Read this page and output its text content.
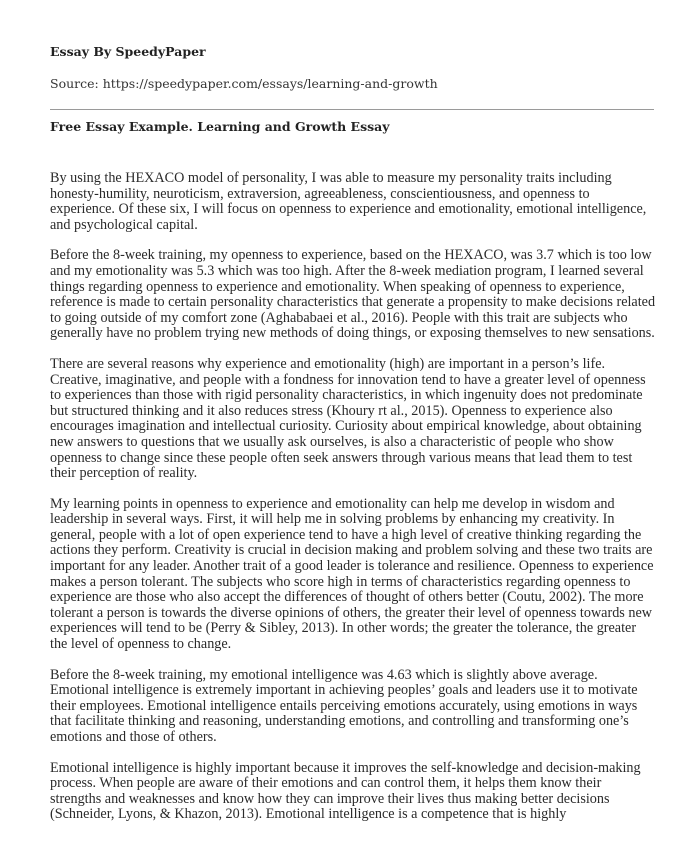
Essay By SpeedyPaper
Source: https://speedypaper.com/essays/learning-and-growth
Free Essay Example. Learning and Growth Essay

By using the HEXACO model of personality, I was able to measure my personality traits including honesty-humility, neuroticism, extraversion, agreeableness, conscientiousness, and openness to experience. Of these six, I will focus on openness to experience and emotionality, emotional intelligence, and psychological capital.

Before the 8-week training, my openness to experience, based on the HEXACO, was 3.7 which is too low and my emotionality was 5.3 which was too high. After the 8-week mediation program, I learned several things regarding openness to experience and emotionality. When speaking of openness to experience, reference is made to certain personality characteristics that generate a propensity to make decisions related to going outside of my comfort zone (Aghababaei et al., 2016). People with this trait are subjects who generally have no problem trying new methods of doing things, or exposing themselves to new sensations.

There are several reasons why experience and emotionality (high) are important in a person’s life. Creative, imaginative, and people with a fondness for innovation tend to have a greater level of openness to experiences than those with rigid personality characteristics, in which ingenuity does not predominate but structured thinking and it also reduces stress (Khoury rt al., 2015). Openness to experience also encourages imagination and intellectual curiosity. Curiosity about empirical knowledge, about obtaining new answers to questions that we usually ask ourselves, is also a characteristic of people who show openness to change since these people often seek answers through various means that lead them to test their perception of reality.

My learning points in openness to experience and emotionality can help me develop in wisdom and leadership in several ways. First, it will help me in solving problems by enhancing my creativity. In general, people with a lot of open experience tend to have a high level of creative thinking regarding the actions they perform. Creativity is crucial in decision making and problem solving and these two traits are important for any leader. Another trait of a good leader is tolerance and resilience. Openness to experience makes a person tolerant. The subjects who score high in terms of characteristics regarding openness to experience are those who also accept the differences of thought of others better (Coutu, 2002). The more tolerant a person is towards the diverse opinions of others, the greater their level of openness towards new experiences will tend to be (Perry & Sibley, 2013). In other words; the greater the tolerance, the greater the level of openness to change.

Before the 8-week training, my emotional intelligence was 4.63 which is slightly above average. Emotional intelligence is extremely important in achieving peoples’ goals and leaders use it to motivate their employees. Emotional intelligence entails perceiving emotions accurately, using emotions in ways that facilitate thinking and reasoning, understanding emotions, and controlling and transforming one’s emotions and those of others.

Emotional intelligence is highly important because it improves the self-knowledge and decision-making process. When people are aware of their emotions and can control them, it helps them know their strengths and weaknesses and know how they can improve their lives thus making better decisions (Schneider, Lyons, & Khazon, 2013). Emotional intelligence is a competence that is highly
